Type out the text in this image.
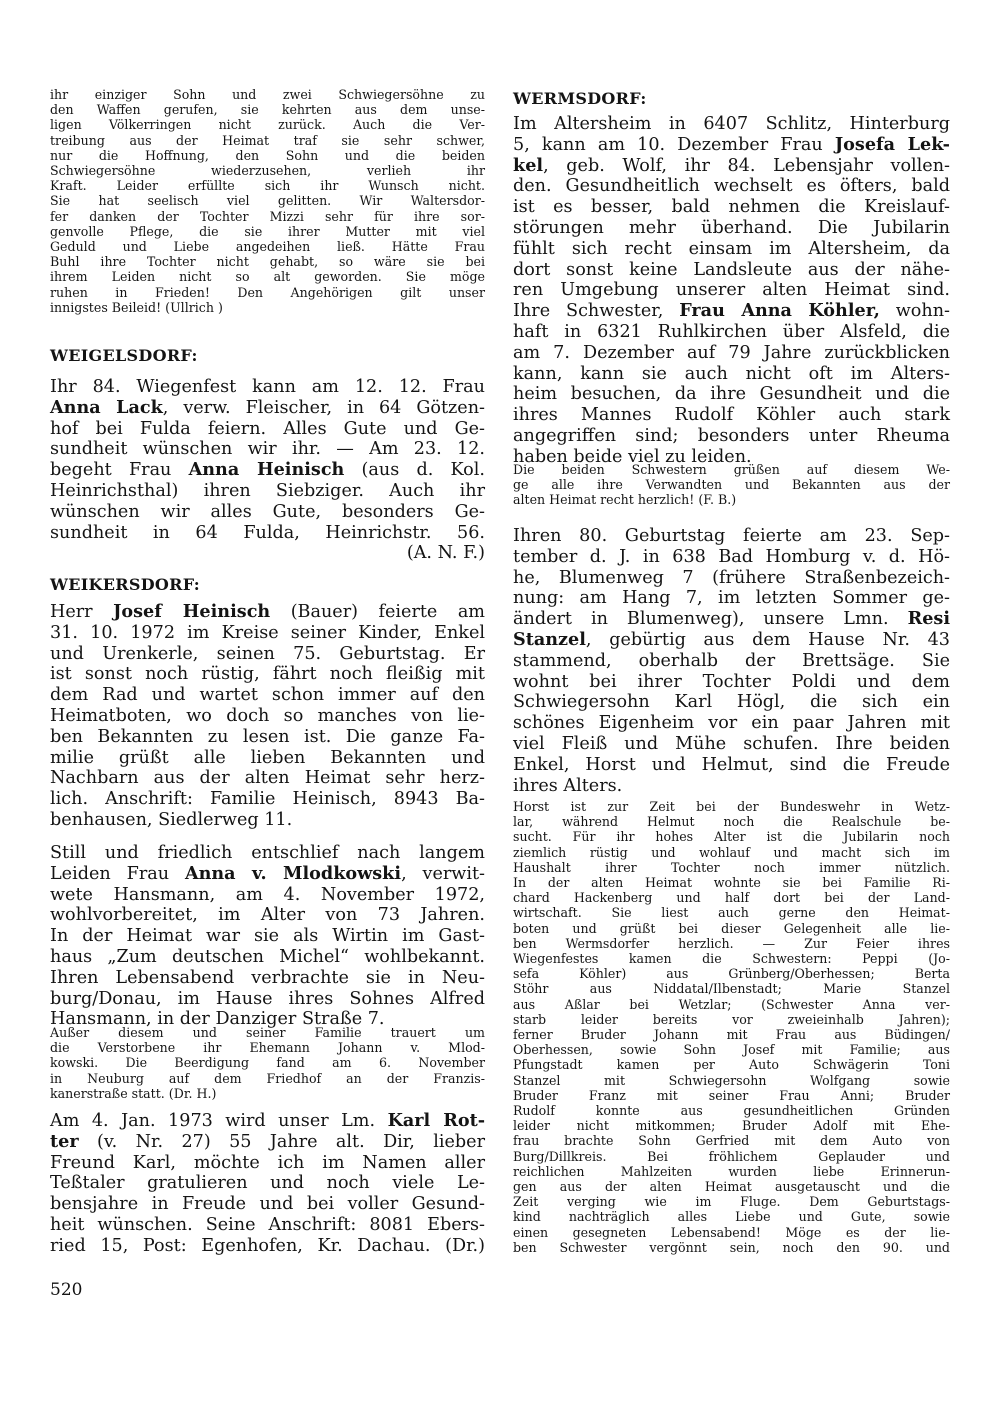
ihr einziger Sohn und zwei Schwiegersöhne zu
den Waffen gerufen, sie kehrten aus dem unse-
ligen Völkerringen nicht zurück. Auch die Ver-
treibung aus der Heimat traf sie sehr schwer,
nur die Hoffnung, den Sohn und die beiden
Schwiegersöhne wiederzusehen, verlieh ihr
Kraft. Leider erfüllte sich ihr Wunsch nicht.
Sie hat seelisch viel gelitten. Wir Waltersdor-
fer danken der Tochter Mizzi sehr für ihre sor-
genvolle Pflege, die sie ihrer Mutter mit viel
Geduld und Liebe angedeihen ließ. Hätte Frau
Buhl ihre Tochter nicht gehabt, so wäre sie bei
ihrem Leiden nicht so alt geworden. Sie möge
ruhen in Frieden! Den Angehörigen gilt unser
innigstes Beileid! (Ullrich )
WEIGELSDORF:
Ihr 84. Wiegenfest kann am 12. 12. Frau
Anna Lack, verw. Fleischer, in 64 Götzen-
hof bei Fulda feiern. Alles Gute und Ge-
sundheit wünschen wir ihr. — Am 23. 12.
begeht Frau Anna Heinisch (aus d. Kol.
Heinrichsthal) ihren Siebziger. Auch ihr
wünschen wir alles Gute, besonders Ge-
sundheit in 64 Fulda, Heinrichstr. 56.
(A. N. F.)
WEIKERSDORF:
Herr Josef Heinisch (Bauer) feierte am
31. 10. 1972 im Kreise seiner Kinder, Enkel
und Urenkerle, seinen 75. Geburtstag. Er
ist sonst noch rüstig, fährt noch fleißig mit
dem Rad und wartet schon immer auf den
Heimatboten, wo doch so manches von lie-
ben Bekannten zu lesen ist. Die ganze Fa-
milie grüßt alle lieben Bekannten und
Nachbarn aus der alten Heimat sehr herz-
lich. Anschrift: Familie Heinisch, 8943 Ba-
benhausen, Siedlerweg 11.
Still und friedlich entschlief nach langem
Leiden Frau Anna v. Mlodkowski, verwit-
wete Hansmann, am 4. November 1972,
wohlvorbereitet, im Alter von 73 Jahren.
In der Heimat war sie als Wirtin im Gast-
haus „Zum deutschen Michel“ wohlbekannt.
Ihren Lebensabend verbrachte sie in Neu-
burg/Donau, im Hause ihres Sohnes Alfred
Hansmann, in der Danziger Straße 7.
Außer diesem und seiner Familie trauert um
die Verstorbene ihr Ehemann Johann v. Mlod-
kowski. Die Beerdigung fand am 6. November
in Neuburg auf dem Friedhof an der Franzis-
kanerstraße statt. (Dr. H.)
Am 4. Jan. 1973 wird unser Lm. Karl Rot-
ter (v. Nr. 27) 55 Jahre alt. Dir, lieber
Freund Karl, möchte ich im Namen aller
Teßtaler gratulieren und noch viele Le-
bensjahre in Freude und bei voller Gesund-
heit wünschen. Seine Anschrift: 8081 Ebers-
ried 15, Post: Egenhofen, Kr. Dachau. (Dr.)
520
WERMSDORF:
Im Altersheim in 6407 Schlitz, Hinterburg
5, kann am 10. Dezember Frau Josefa Lek-
kel, geb. Wolf, ihr 84. Lebensjahr vollen-
den. Gesundheitlich wechselt es öfters, bald
ist es besser, bald nehmen die Kreislauf-
störungen mehr überhand. Die Jubilarin
fühlt sich recht einsam im Altersheim, da
dort sonst keine Landsleute aus der nähe-
ren Umgebung unserer alten Heimat sind.
Ihre Schwester, Frau Anna Köhler, wohn-
haft in 6321 Ruhlkirchen über Alsfeld, die
am 7. Dezember auf 79 Jahre zurückblicken
kann, kann sie auch nicht oft im Alters-
heim besuchen, da ihre Gesundheit und die
ihres Mannes Rudolf Köhler auch stark
angegriffen sind; besonders unter Rheuma
haben beide viel zu leiden.
Die beiden Schwestern grüßen auf diesem We-
ge alle ihre Verwandten und Bekannten aus der
alten Heimat recht herzlich! (F. B.)
Ihren 80. Geburtstag feierte am 23. Sep-
tember d. J. in 638 Bad Homburg v. d. Hö-
he, Blumenweg 7 (frühere Straßenbezeich-
nung: am Hang 7, im letzten Sommer ge-
ändert in Blumenweg), unsere Lmn. Resi
Stanzel, gebürtig aus dem Hause Nr. 43
stammend, oberhalb der Brettsäge. Sie
wohnt bei ihrer Tochter Poldi und dem
Schwiegersohn Karl Högl, die sich ein
schönes Eigenheim vor ein paar Jahren mit
viel Fleiß und Mühe schufen. Ihre beiden
Enkel, Horst und Helmut, sind die Freude
ihres Alters.
Horst ist zur Zeit bei der Bundeswehr in Wetz-
lar, während Helmut noch die Realschule be-
sucht. Für ihr hohes Alter ist die Jubilarin noch
ziemlich rüstig und wohlauf und macht sich im
Haushalt ihrer Tochter noch immer nützlich.
In der alten Heimat wohnte sie bei Familie Ri-
chard Hackenberg und half dort bei der Land-
wirtschaft. Sie liest auch gerne den Heimat-
boten und grüßt bei dieser Gelegenheit alle lie-
ben Wermsdorfer herzlich. — Zur Feier ihres
Wiegenfestes kamen die Schwestern: Peppi (Jo-
sefa Köhler) aus Grünberg/Oberhessen; Berta
Stöhr aus Niddatal/Ilbenstadt; Marie Stanzel
aus Aßlar bei Wetzlar; (Schwester Anna ver-
starb leider bereits vor zweieinhalb Jahren);
ferner Bruder Johann mit Frau aus Büdingen/
Oberhessen, sowie Sohn Josef mit Familie; aus
Pfungstadt kamen per Auto Schwägerin Toni
Stanzel mit Schwiegersohn Wolfgang sowie
Bruder Franz mit seiner Frau Anni; Bruder
Rudolf konnte aus gesundheitlichen Gründen
leider nicht mitkommen; Bruder Adolf mit Ehe-
frau brachte Sohn Gerfried mit dem Auto von
Burg/Dillkreis. Bei fröhlichem Geplauder und
reichlichen Mahlzeiten wurden liebe Erinnerun-
gen aus der alten Heimat ausgetauscht und die
Zeit verging wie im Fluge. Dem Geburtstags-
kind nachträglich alles Liebe und Gute, sowie
einen gesegneten Lebensabend! Möge es der lie-
ben Schwester vergönnt sein, noch den 90. und
